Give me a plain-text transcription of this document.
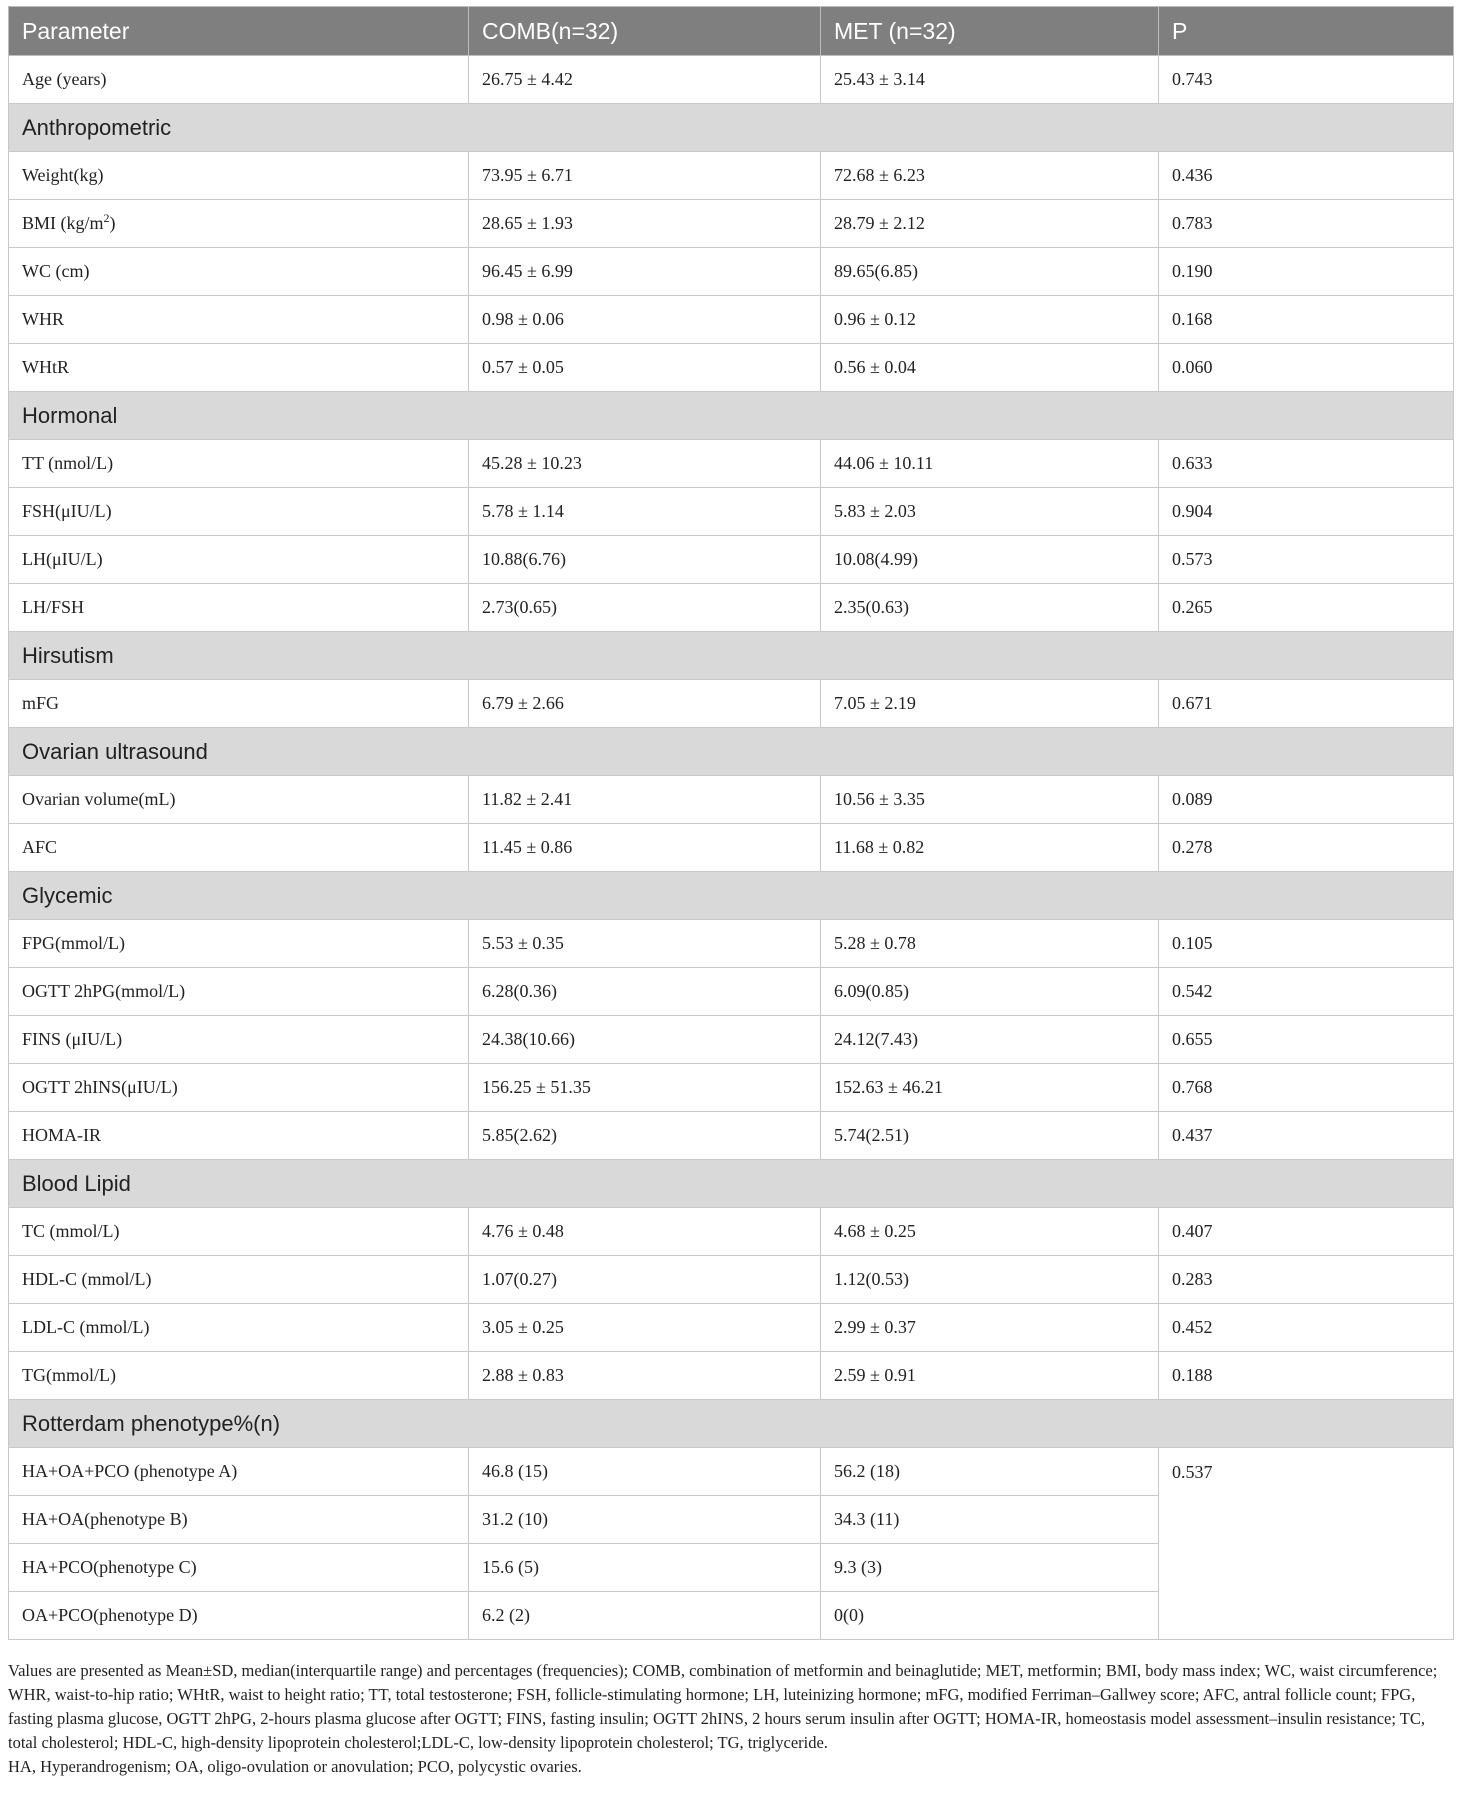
Parameter	COMB(n=32)	MET (n=32)	P
Age (years)	26.75 ± 4.42	25.43 ± 3.14	0.743
Anthropometric			
Weight(kg)	73.95 ± 6.71	72.68 ± 6.23	0.436
BMI $(kg/m^2)$	28.65 ± 1.93	28.79 ± 2.12	0.783
WC (cm)	96.45 ± 6.99	89.65(6.85)	0.190
WHR	0.98 ± 0.06	0.96 ± 0.12	0.168
WHtR	0.57 ± 0.05	0.56 ± 0.04	0.060
Hormonal			
TT (nmol/L)	45.28 ± 10.23	44.06 ± 10.11	0.633
FSH(μIU/L)	5.78 ± 1.14	5.83 ± 2.03	0.904
LH(μIU/L)	10.88(6.76)	10.08(4.99)	0.573
LH/FSH	2.73(0.65)	2.35(0.63)	0.265
Hirsutism			
mFG	6.79 ± 2.66	7.05 ± 2.19	0.671
Ovarian ultrasound			
Ovarian volume(mL)	11.82 ± 2.41	10.56 ± 3.35	0.089
AFC	11.45 ± 0.86	11.68 ± 0.82	0.278
Glycemic			
FPG(mmol/L)	5.53 ± 0.35	5.28 ± 0.78	0.105
OGTT 2hPG(mmol/L)	6.28(0.36)	6.09(0.85)	0.542
FINS (μIU/L)	24.38(10.66)	24.12(7.43)	0.655
OGTT 2hINS(μIU/L)	156.25 ± 51.35	152.63 ± 46.21	0.768
HOMA-IR	5.85(2.62)	5.74(2.51)	0.437
Blood Lipid			
TC (mmol/L)	4.76 ± 0.48	4.68 ± 0.25	0.407
HDL-C (mmol/L)	1.07(0.27)	1.12(0.53)	0.283
LDL-C (mmol/L)	3.05 ± 0.25	2.99 ± 0.37	0.452
TG(mmol/L)	2.88 ± 0.83	2.59 ± 0.91	0.188
Rotterdam phenotype%(n)			
HA+OA+PCO (phenotype A)	46.8 (15)	56.2 (18)	0.537
HA+OA(phenotype B)	31.2 (10)	34.3 (11)	
HA+PCO(phenotype C)	15.6 (5)	9.3 (3)	
OA+PCO(phenotype D)	6.2 (2)	0(0)	

Values are presented as Mean±SD, median(interquartile range) and percentages (frequencies); COMB, combination of metformin and beinaglutide; MET, metformin; BMI, body mass index; WC, waist circumference; WHR, waist-to-hip ratio; WHtR, waist to height ratio; TT, total testosterone; FSH, follicle-stimulating hormone; LH, luteinizing hormone; mFG, modified Ferriman–Gallwey score; AFC, antral follicle count; FPG, fasting plasma glucose, OGTT 2hPG, 2-hours plasma glucose after OGTT; FINS, fasting insulin; OGTT 2hINS, 2 hours serum insulin after OGTT; HOMA-IR, homeostasis model assessment–insulin resistance; TC, total cholesterol; HDL-C, high-density lipoprotein cholesterol;LDL-C, low-density lipoprotein cholesterol; TG, triglyceride.

HA, Hyperandrogenism; OA, oligo-ovulation or anovulation; PCO, polycystic ovaries.
